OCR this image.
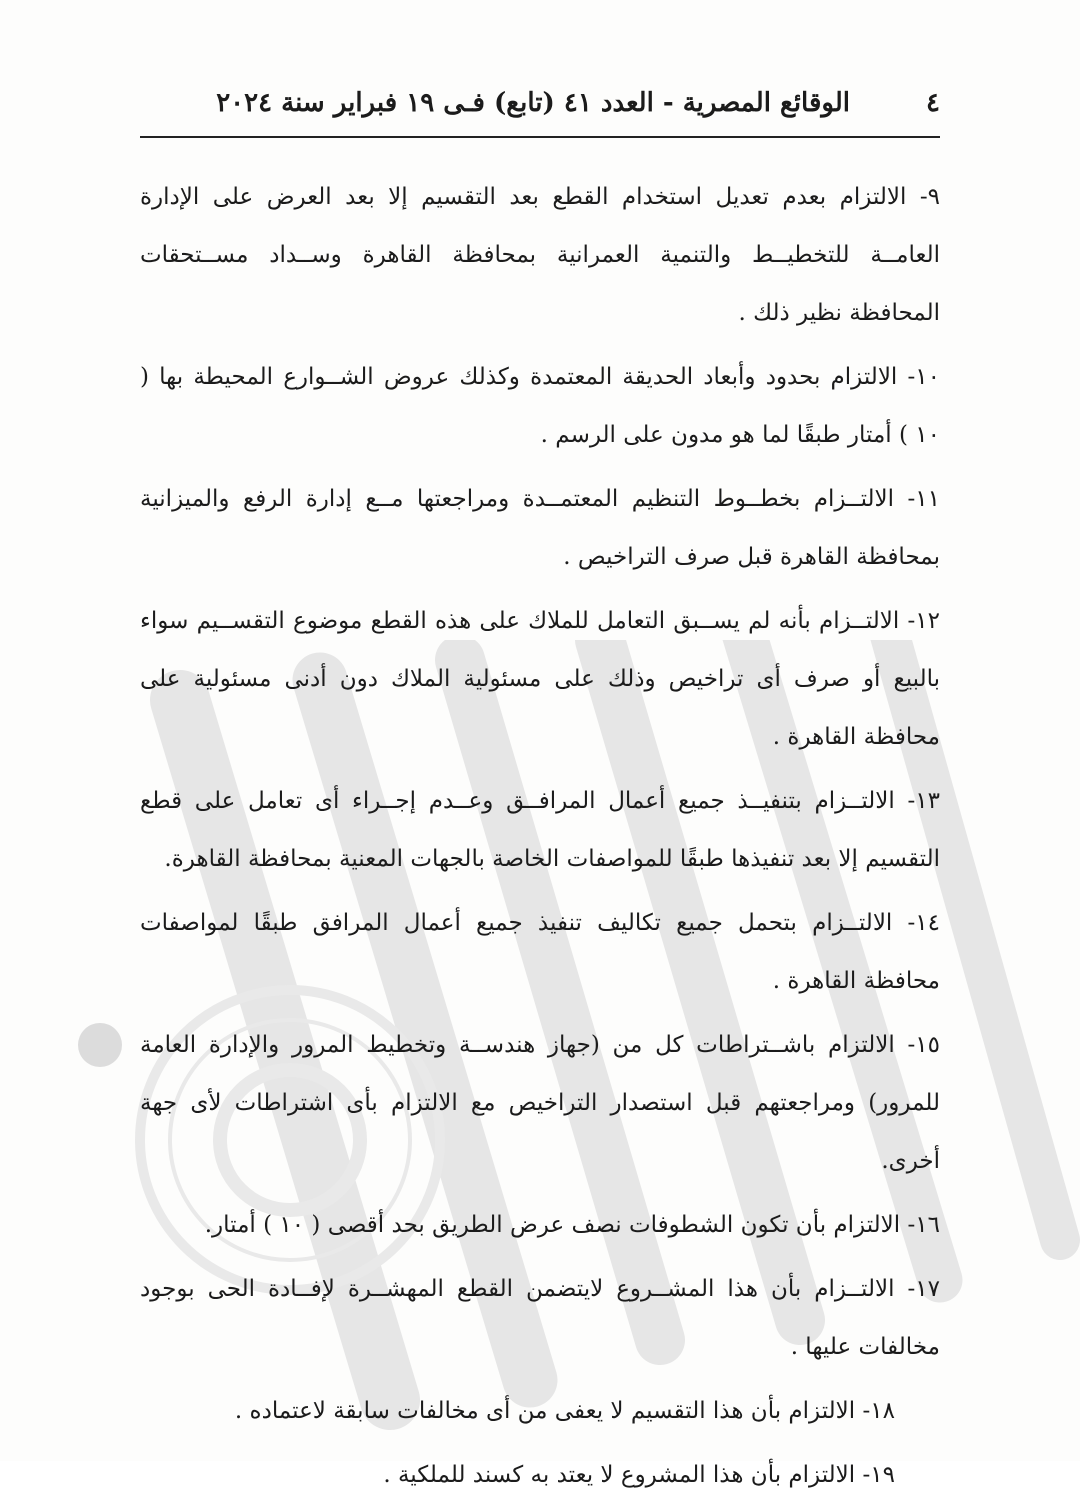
٤
الوقائع المصرية - العدد ٤١ (تابع) فـى ١٩ فبراير سنة ٢٠٢٤

٩- الالتزام بعدم تعديل استخدام القطع بعد التقسيم إلا بعد العرض على الإدارة العامــة للتخطيــط والتنمية العمرانية بمحافظة القاهرة وســداد مســتحقات المحافظة نظير ذلك .

١٠- الالتزام بحدود وأبعاد الحديقة المعتمدة وكذلك عروض الشــوارع المحيطة بها ( ١٠ ) أمتار طبقًا لما هو مدون على الرسم .

١١- الالتــزام بخطــوط التنظيم المعتمــدة ومراجعتها مــع إدارة الرفع والميزانية بمحافظة القاهرة قبل صرف التراخيص .

١٢- الالتــزام بأنه لم يســبق التعامل للملاك على هذه القطع موضوع التقســيم سواء بالبيع أو صرف أى تراخيص وذلك على مسئولية الملاك دون أدنى مسئولية على محافظة القاهرة .

١٣- الالتــزام بتنفيــذ جميع أعمال المرافــق وعــدم إجــراء أى تعامل على قطع التقسيم إلا بعد تنفيذها طبقًا للمواصفات الخاصة بالجهات المعنية بمحافظة القاهرة.

١٤- الالتــزام بتحمل جميع تكاليف تنفيذ جميع أعمال المرافق طبقًا لمواصفات محافظة القاهرة .

١٥- الالتزام باشــتراطات كل من (جهاز هندســة وتخطيط المرور والإدارة العامة للمرور) ومراجعتهم قبل استصدار التراخيص مع الالتزام بأى اشتراطات لأى جهة أخرى.

١٦- الالتزام بأن تكون الشطوفات نصف عرض الطريق بحد أقصى ( ١٠ ) أمتار.

١٧- الالتــزام بأن هذا المشــروع لايتضمن القطع المهشــرة لإفــادة الحى بوجود مخالفات عليها .

١٨- الالتزام بأن هذا التقسيم لا يعفى من أى مخالفات سابقة لاعتماده .

١٩- الالتزام بأن هذا المشروع لا يعتد به كسند للملكية .
